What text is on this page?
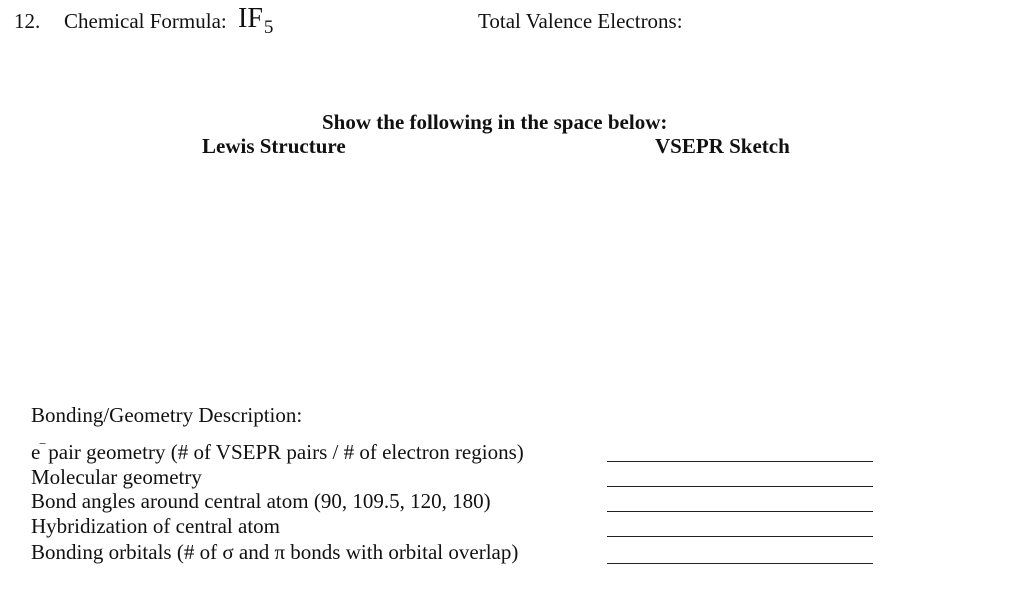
12. Chemical Formula: $IF_5$	Total Valence Electrons:
Show the following in the space below:
Lewis Structure	VSEPR Sketch
Bonding/Geometry Description:
e
− pair geometry (# of VSEPR pairs / # of electron regions)
Molecular geometry
Bond angles around central atom (90, 109.5, 120, 180)
Hybridization of central atom
Bonding orbitals (# of σ and π bonds with orbital overlap)
